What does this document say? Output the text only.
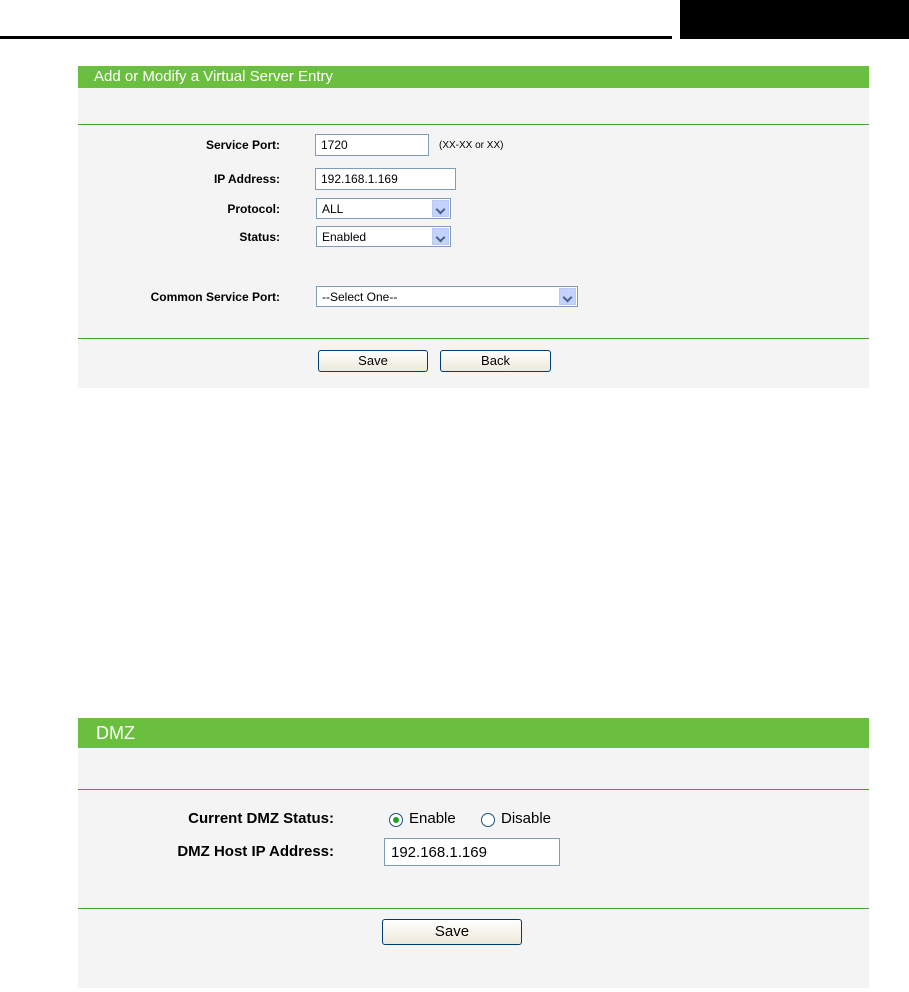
Add or Modify a Virtual Server Entry
Service Port:
1720	(XX-XX or XX)
IP Address:
192.168.1.169
Protocol:	ALL
Status:	Enabled
Common Service Port:	--Select One--
Save	Back
DMZ
Current DMZ Status:	Enable	Disable
DMZ Host IP Address:
192.168.1.169
Save
